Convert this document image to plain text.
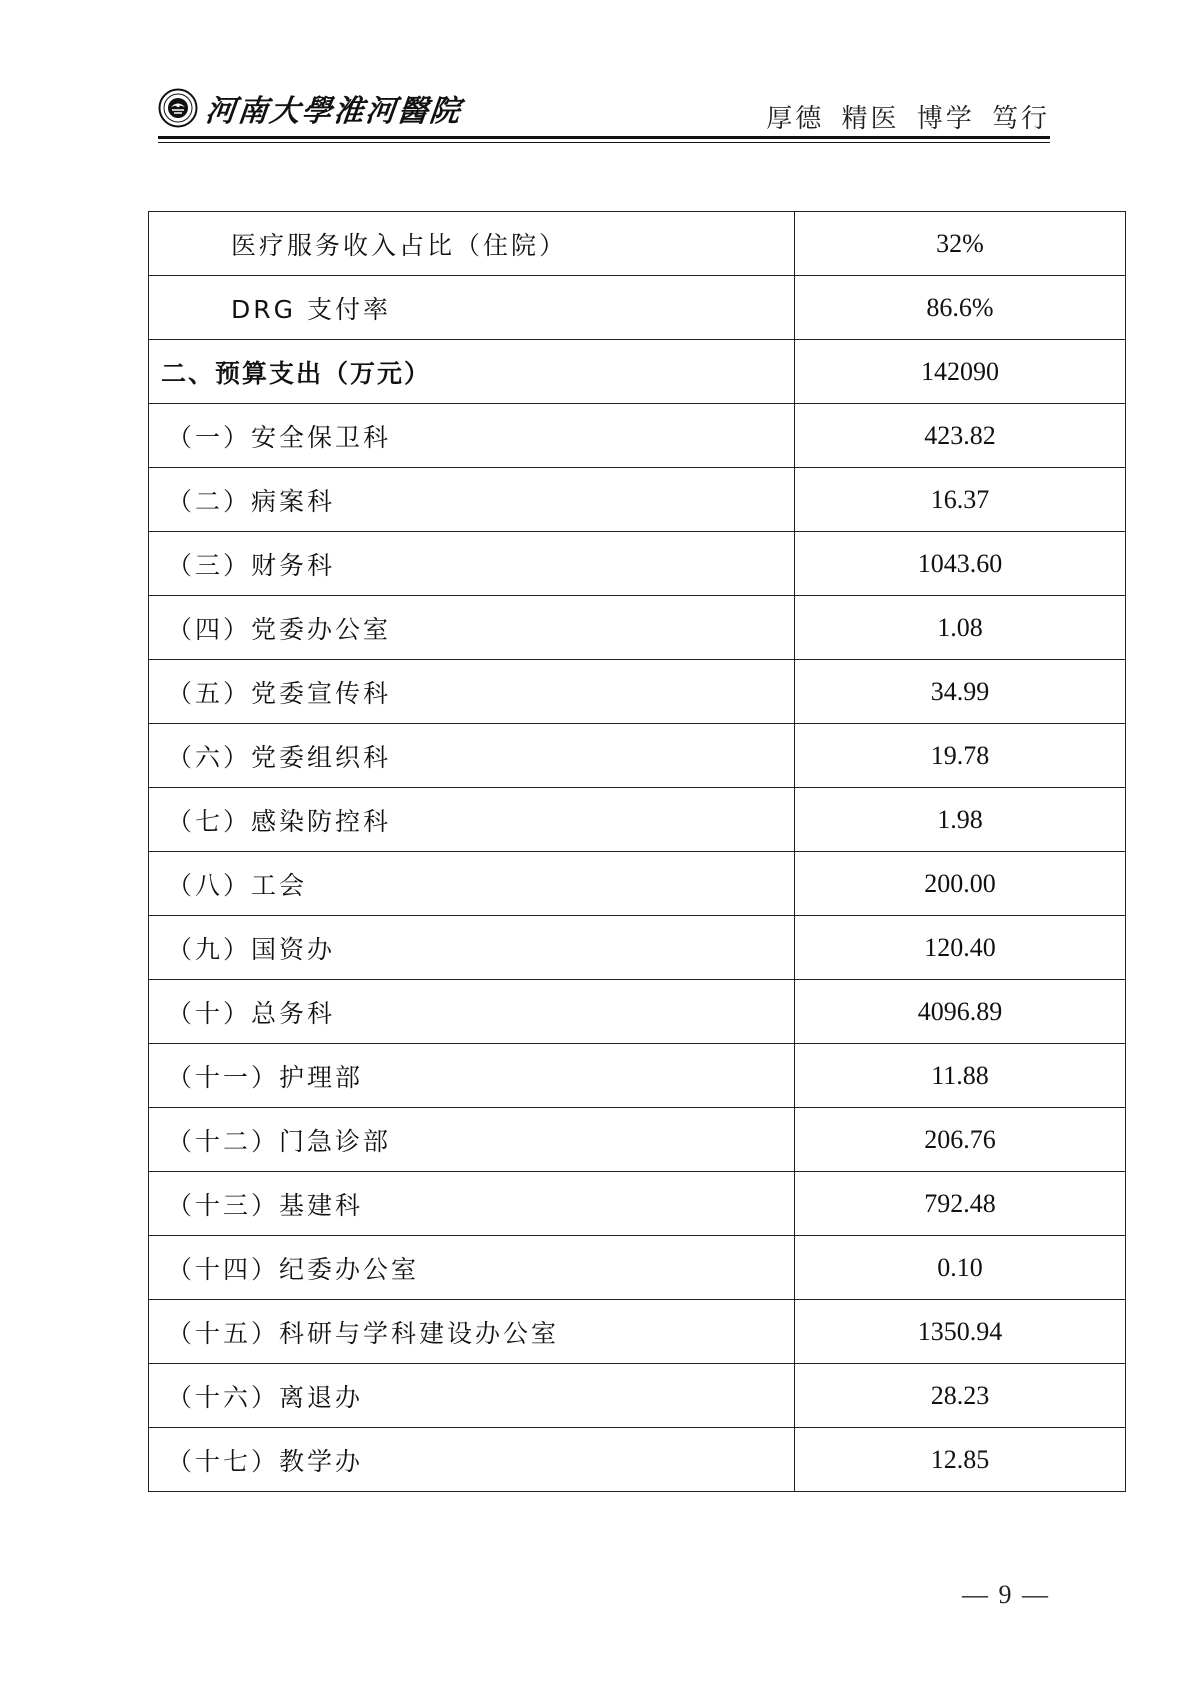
河南大學淮河醫院	厚德 精医 博学 笃行
医疗服务收入占比（住院）	32%
DRG 支付率	86.6%
二、预算支出（万元）	142090
（一）安全保卫科	423.82
（二）病案科	16.37
（三）财务科	1043.60
（四）党委办公室	1.08
（五）党委宣传科	34.99
（六）党委组织科	19.78
（七）感染防控科	1.98
（八）工会	200.00
（九）国资办	120.40
（十）总务科	4096.89
（十一）护理部	11.88
（十二）门急诊部	206.76
（十三）基建科	792.48
（十四）纪委办公室	0.10
（十五）科研与学科建设办公室	1350.94
（十六）离退办	28.23
（十七）教学办	12.85
— 9 —
